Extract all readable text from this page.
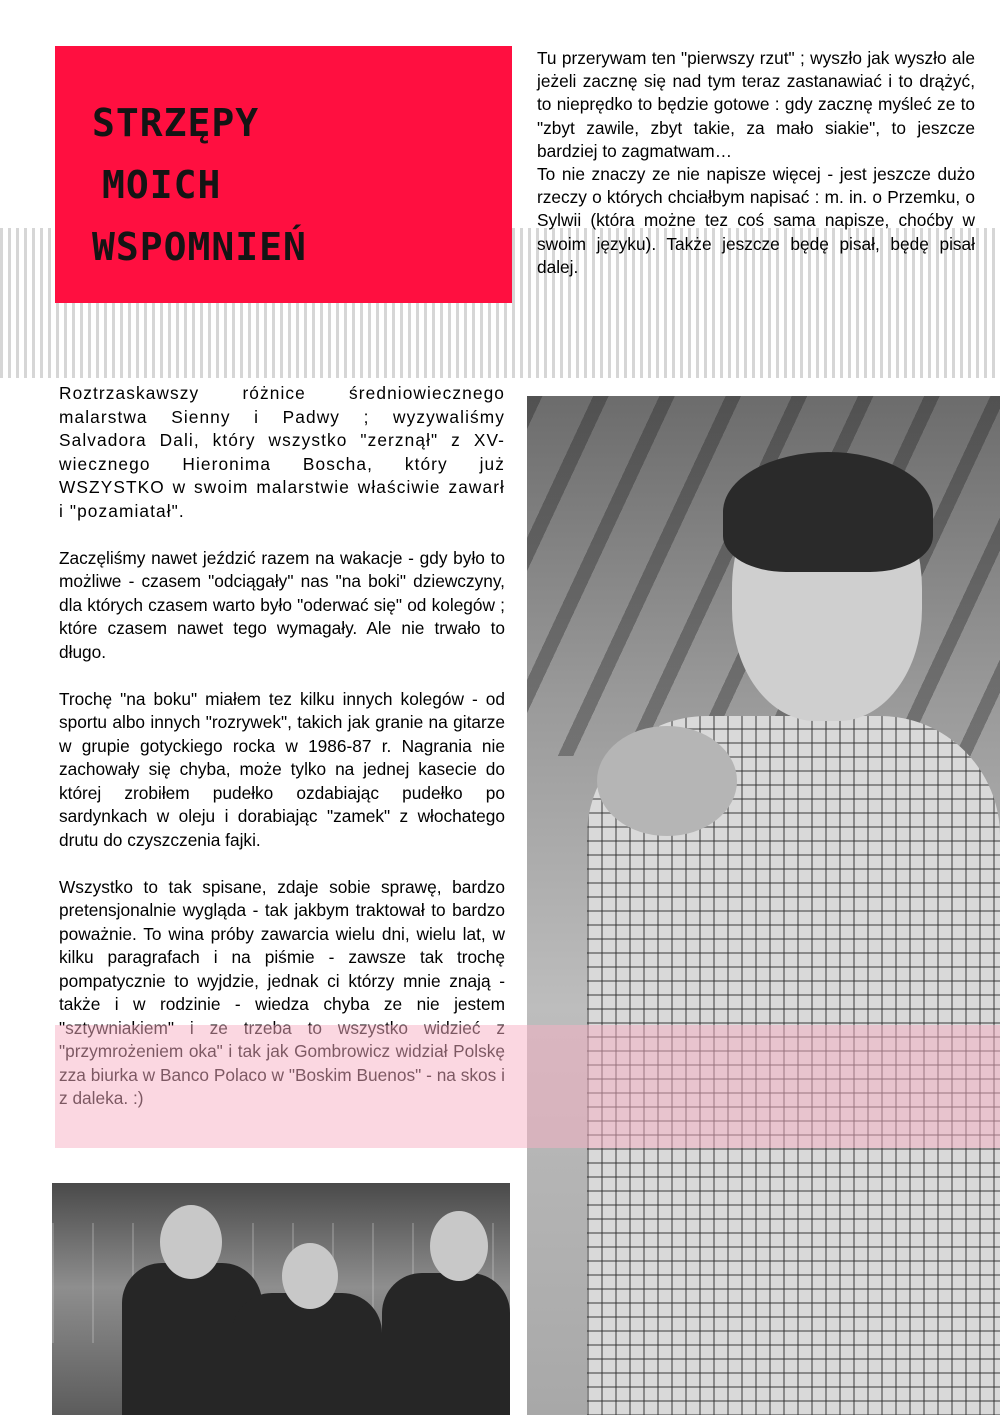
STRZĘPY
MOICH
WSPOMNIEŃ

Tu przerywam ten "pierwszy rzut" ; wyszło jak wyszło ale jeżeli zacznę się nad tym teraz zastanawiać i to drążyć, to nieprędko to będzie gotowe : gdy zacznę myśleć ze to "zbyt zawile, zbyt takie, za mało siakie", to jeszcze bardziej to zagmatwam…

To nie znaczy ze nie napisze więcej - jest jeszcze dużo rzeczy o których chciałbym napisać : m. in. o Przemku, o Sylwii (która możne tez coś sama napisze, choćby w swoim języku). Także jeszcze będę pisał, będę pisał dalej.

Roztrzaskawszy różnice średniowiecznego malarstwa Sienny i Padwy ; wyzywaliśmy Salvadora Dali, który wszystko "zerznął" z XV-wiecznego Hieronima Boscha, który już WSZYSTKO w swoim malarstwie właściwie zawarł i "pozamiatał".

Zaczęliśmy nawet jeździć razem na wakacje - gdy było to możliwe - czasem "odciągały" nas "na boki" dziewczyny, dla których czasem warto było "oderwać się" od kolegów ; które czasem nawet tego wymagały. Ale nie trwało to długo.

Trochę "na boku" miałem tez kilku innych kolegów - od sportu albo innych "rozrywek", takich jak granie na gitarze w grupie gotyckiego rocka w 1986-87 r. Nagrania nie zachowały się chyba, może tylko na jednej kasecie do której zrobiłem pudełko ozdabiając pudełko po sardynkach w oleju i dorabiając "zamek" z włochatego drutu do czyszczenia fajki.

Wszystko to tak spisane, zdaje sobie sprawę, bardzo pretensjonalnie wygląda - tak jakbym traktował to bardzo poważnie. To wina próby zawarcia wielu dni, wielu lat, w kilku paragrafach i na piśmie - zawsze tak trochę pompatycznie to wyjdzie, jednak ci którzy mnie znają - także i w rodzinie - wiedza chyba ze nie jestem
